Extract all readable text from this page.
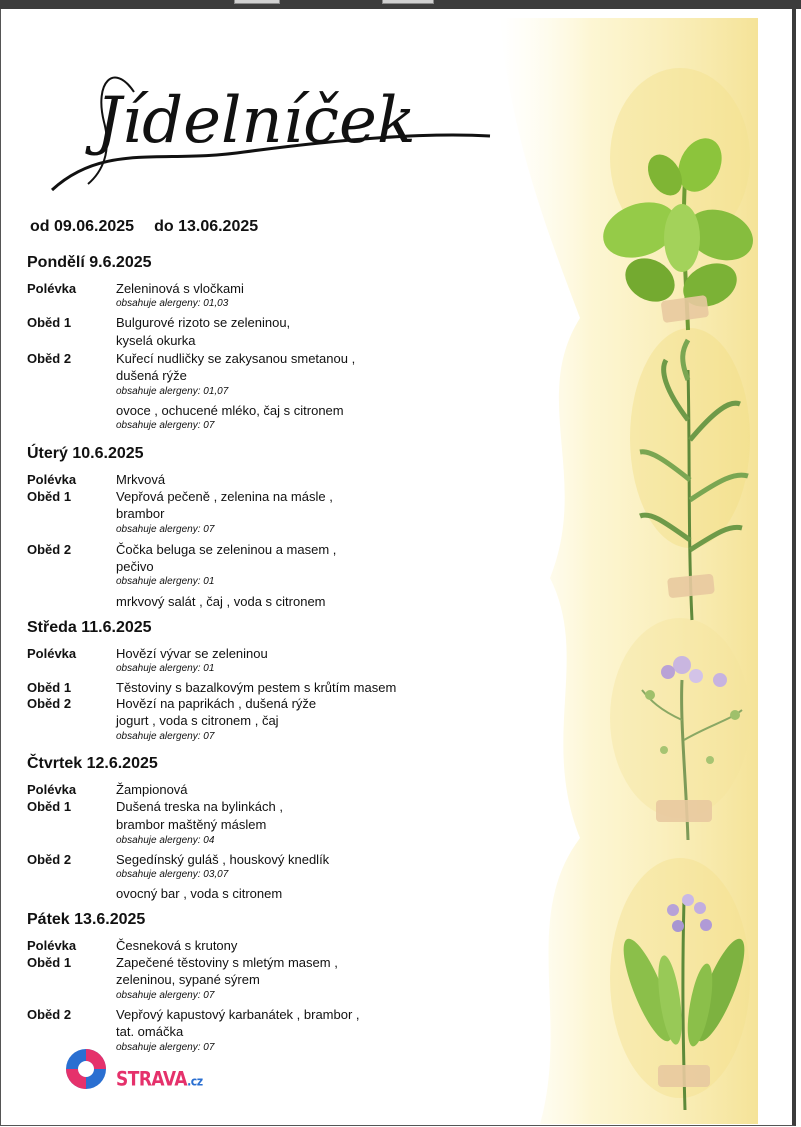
Jídelníček
od 09.06.2025 do 13.06.2025
Pondělí 9.6.2025
Polévka	Zeleninová s vločkami
obsahuje alergeny: 01,03
Oběd 1	Bulgurové rizoto se zeleninou,
kyselá okurka
Oběd 2	Kuřecí nudličky se zakysanou smetanou ,
dušená rýže
obsahuje alergeny: 01,07
ovoce , ochucené mléko, čaj s citronem
obsahuje alergeny: 07
Úterý 10.6.2025
Polévka	Mrkvová
Oběd 1	Vepřová pečeně , zelenina na másle ,
brambor
obsahuje alergeny: 07
Oběd 2	Čočka beluga se zeleninou a masem ,
pečivo
obsahuje alergeny: 01
mrkvový salát , čaj , voda s citronem
Středa 11.6.2025
Polévka	Hovězí vývar se zeleninou
obsahuje alergeny: 01
Oběd 1	Těstoviny s bazalkovým pestem s krůtím masem
Oběd 2	Hovězí na paprikách , dušená rýže
jogurt , voda s citronem , čaj
obsahuje alergeny: 07
Čtvrtek 12.6.2025
Polévka	Žampionová
Oběd 1	Dušená treska na bylinkách ,
brambor maštěný máslem
obsahuje alergeny: 04
Oběd 2	Segedínský guláš , houskový knedlík
obsahuje alergeny: 03,07
ovocný bar , voda s citronem
Pátek 13.6.2025
Polévka	Česneková s krutony
Oběd 1	Zapečené těstoviny s mletým masem ,
zeleninou, sypané sýrem
obsahuje alergeny: 07
Oběd 2	Vepřový kapustový karbanátek , brambor ,
tat. omáčka
obsahuje alergeny: 07
STRAVA.cz
